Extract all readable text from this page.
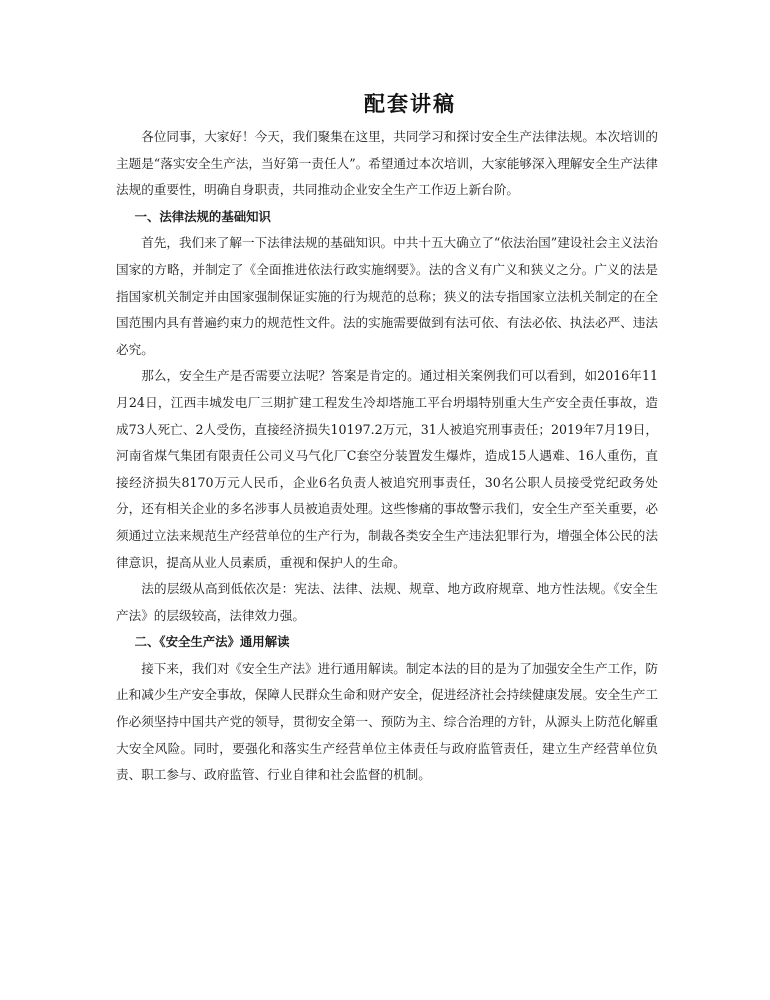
配套讲稿

各位同事，大家好！今天，我们聚集在这里，共同学习和探讨安全生产法律法规。本次培训的主题是“落实安全生产法，当好第一责任人”。希望通过本次培训，大家能够深入理解安全生产法律法规的重要性，明确自身职责，共同推动企业安全生产工作迈上新台阶。

一、法律法规的基础知识

首先，我们来了解一下法律法规的基础知识。中共十五大确立了“依法治国”建设社会主义法治国家的方略，并制定了《全面推进依法行政实施纲要》。法的含义有广义和狭义之分。广义的法是指国家机关制定并由国家强制保证实施的行为规范的总称；狭义的法专指国家立法机关制定的在全国范围内具有普遍约束力的规范性文件。法的实施需要做到有法可依、有法必依、执法必严、违法必究。

那么，安全生产是否需要立法呢？答案是肯定的。通过相关案例我们可以看到，如2016年11月24日，江西丰城发电厂三期扩建工程发生冷却塔施工平台坍塌特别重大生产安全责任事故，造成73人死亡、2人受伤，直接经济损失10197.2万元，31人被追究刑事责任；2019年7月19日，河南省煤气集团有限责任公司义马气化厂C套空分装置发生爆炸，造成15人遇难、16人重伤，直接经济损失8170万元人民币，企业6名负责人被追究刑事责任，30名公职人员接受党纪政务处分，还有相关企业的多名涉事人员被追责处理。这些惨痛的事故警示我们，安全生产至关重要，必须通过立法来规范生产经营单位的生产行为，制裁各类安全生产违法犯罪行为，增强全体公民的法律意识，提高从业人员素质，重视和保护人的生命。

法的层级从高到低依次是：宪法、法律、法规、规章、地方政府规章、地方性法规。《安全生产法》的层级较高，法律效力强。

二、《安全生产法》通用解读

接下来，我们对《安全生产法》进行通用解读。制定本法的目的是为了加强安全生产工作，防止和减少生产安全事故，保障人民群众生命和财产安全，促进经济社会持续健康发展。安全生产工作必须坚持中国共产党的领导，贯彻安全第一、预防为主、综合治理的方针，从源头上防范化解重大安全风险。同时，要强化和落实生产经营单位主体责任与政府监管责任，建立生产经营单位负责、职工参与、政府监管、行业自律和社会监督的机制。
